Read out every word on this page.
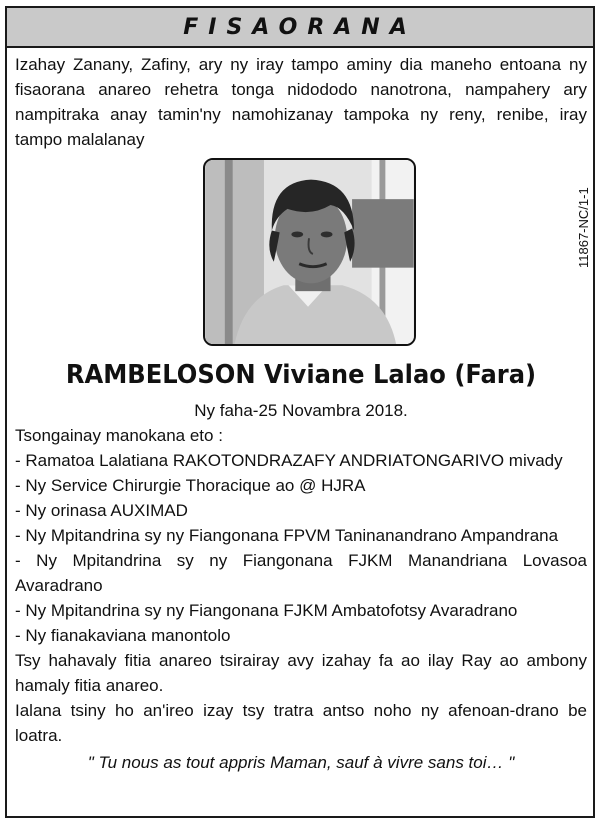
FISAORANA

Izahay Zanany, Zafiny, ary ny iray tampo aminy dia maneho entoana ny fisaorana anareo rehetra tonga nidododo nanotrona, nampahery ary nampitraka anay tamin'ny namohizanay tampoka ny reny, renibe, iray tampo malalanay

11867-NC/1-1
RAMBELOSON Viviane Lalao (Fara)
Ny faha-25 Novambra 2018.
Tsongainay manokana eto :
- Ramatoa Lalatiana RAKOTONDRAZAFY ANDRIATONGARIVO mivady
- Ny Service Chirurgie Thoracique ao @ HJRA
- Ny orinasa AUXIMAD
- Ny Mpitandrina sy ny Fiangonana FPVM Taninanandrano Ampandrana
- Ny Mpitandrina sy ny Fiangonana FJKM Manandriana Lovasoa Avaradrano
- Ny Mpitandrina sy ny Fiangonana FJKM Ambatofotsy Avaradrano
- Ny fianakaviana manontolo
Tsy hahavaly fitia anareo tsirairay avy izahay fa ao ilay Ray ao ambony hamaly fitia anareo.
Ialana tsiny ho an'ireo izay tsy tratra antso noho ny afenoan-drano be loatra.
" Tu nous as tout appris Maman, sauf à vivre sans toi… "
